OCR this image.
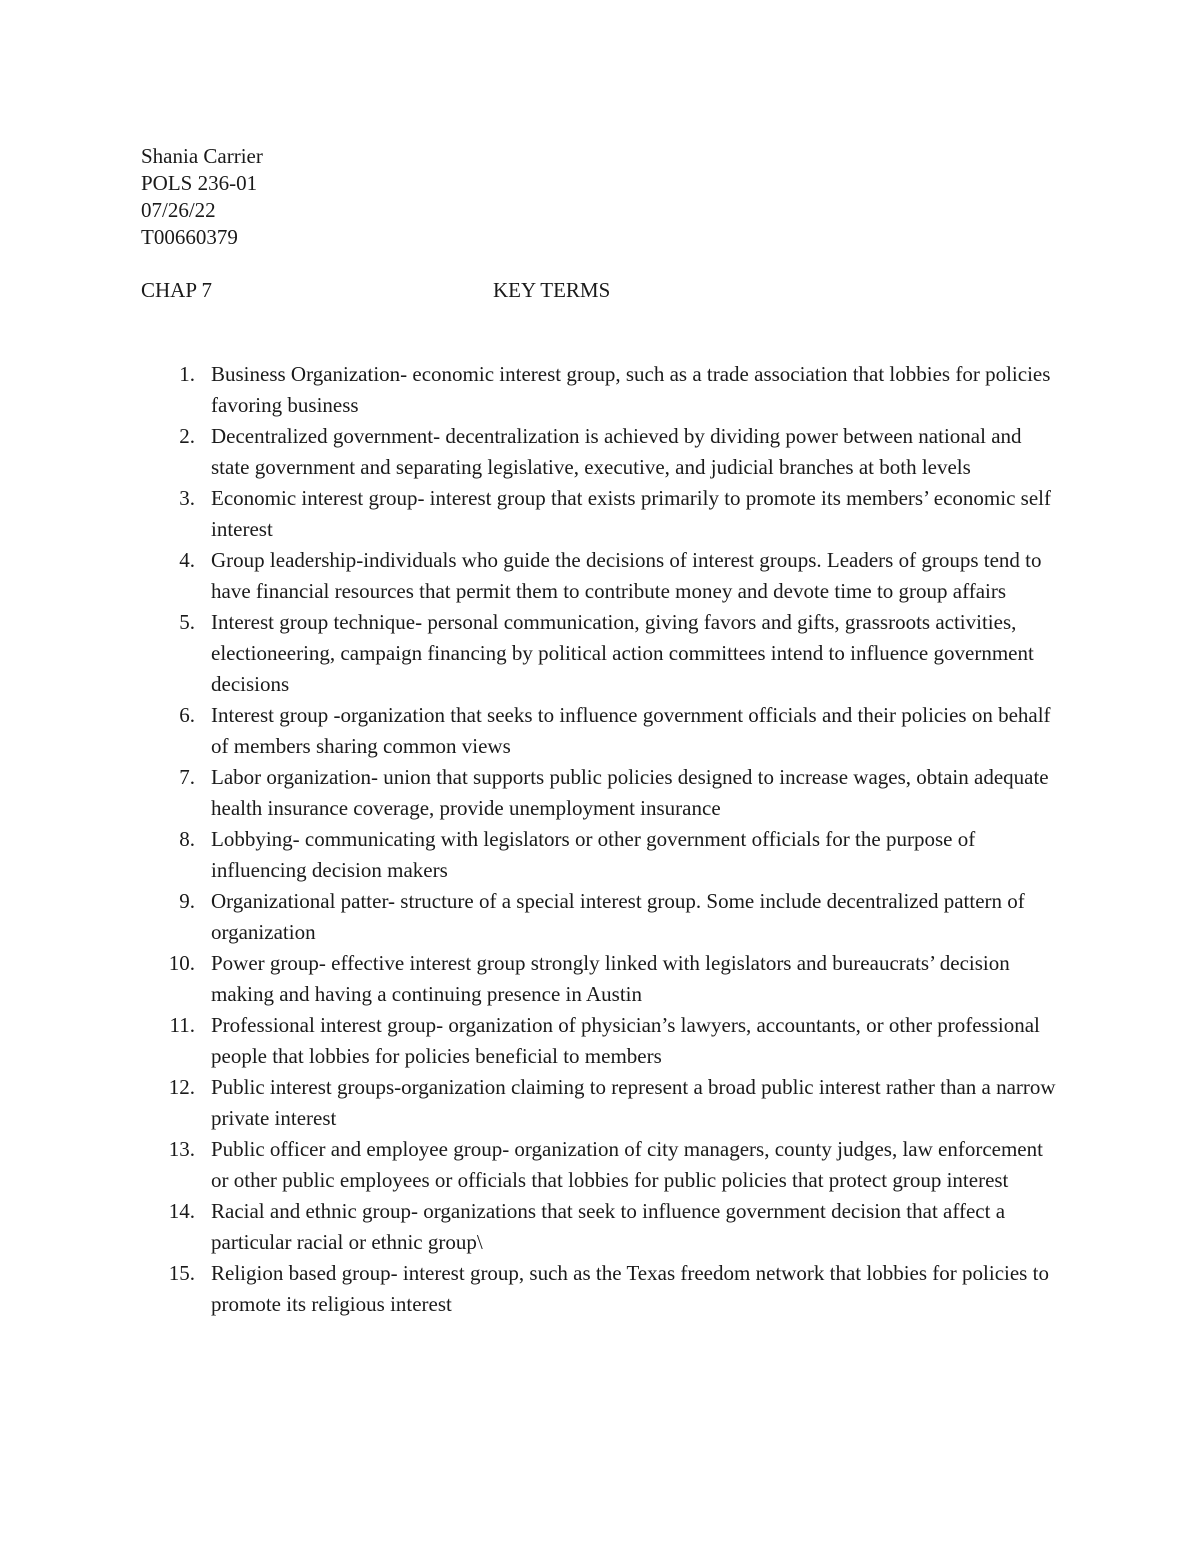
Shania Carrier
POLS 236-01
07/26/22
T00660379
CHAP 7	KEY TERMS
1. Business Organization- economic interest group, such as a trade association that lobbies for policies favoring business
2. Decentralized government- decentralization is achieved by dividing power between national and state government and separating legislative, executive, and judicial branches at both levels
3. Economic interest group- interest group that exists primarily to promote its members’ economic self interest
4. Group leadership-individuals who guide the decisions of interest groups. Leaders of groups tend to have financial resources that permit them to contribute money and devote time to group affairs
5. Interest group technique- personal communication, giving favors and gifts, grassroots activities, electioneering, campaign financing by political action committees intend to influence government decisions
6. Interest group -organization that seeks to influence government officials and their policies on behalf of members sharing common views
7. Labor organization- union that supports public policies designed to increase wages, obtain adequate health insurance coverage, provide unemployment insurance
8. Lobbying- communicating with legislators or other government officials for the purpose of influencing decision makers
9. Organizational patter- structure of a special interest group. Some include decentralized pattern of organization
10. Power group- effective interest group strongly linked with legislators and bureaucrats’ decision making and having a continuing presence in Austin
11. Professional interest group- organization of physician’s lawyers, accountants, or other professional people that lobbies for policies beneficial to members
12. Public interest groups-organization claiming to represent a broad public interest rather than a narrow private interest
13. Public officer and employee group- organization of city managers, county judges, law enforcement or other public employees or officials that lobbies for public policies that protect group interest
14. Racial and ethnic group- organizations that seek to influence government decision that affect a particular racial or ethnic group\
15. Religion based group- interest group, such as the Texas freedom network that lobbies for policies to promote its religious interest
